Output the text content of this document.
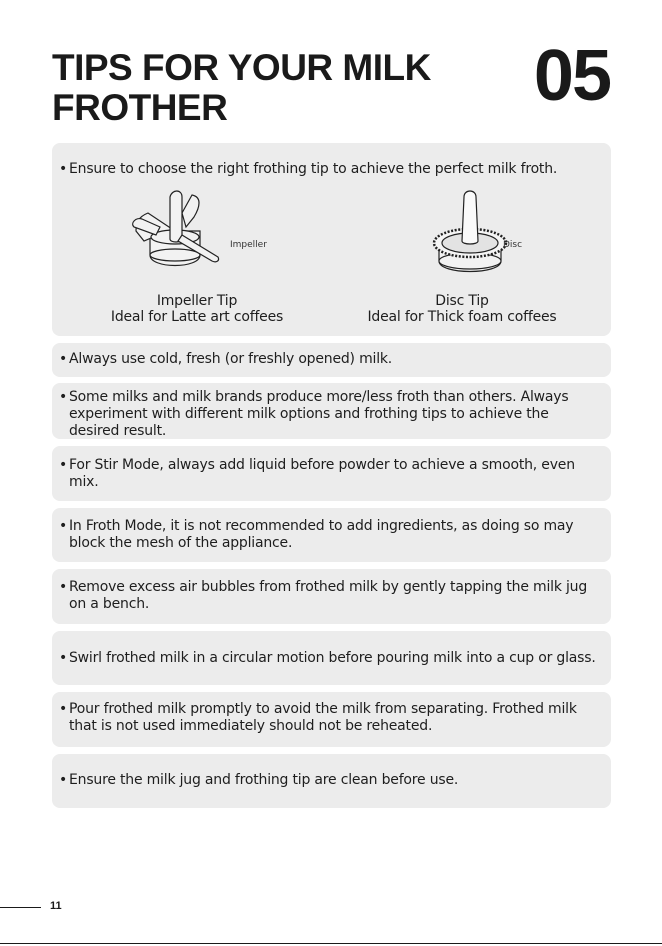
TIPS FOR YOUR MILK
FROTHER	05
• Ensure to choose the right frothing tip to achieve the perfect milk froth.
Impeller	Disc
Impeller Tip
Ideal for Latte art coffees
Disc Tip
Ideal for Thick foam coffees
• Always use cold, fresh (or freshly opened) milk.
• Some milks and milk brands produce more/less froth than others. Always experiment with different milk options and frothing tips to achieve the desired result.
• For Stir Mode, always add liquid before powder to achieve a smooth, even mix.
• In Froth Mode, it is not recommended to add ingredients, as doing so may block the mesh of the appliance.
• Remove excess air bubbles from frothed milk by gently tapping the milk jug on a bench.
• Swirl frothed milk in a circular motion before pouring milk into a cup or glass.
• Pour frothed milk promptly to avoid the milk from separating. Frothed milk that is not used immediately should not be reheated.
• Ensure the milk jug and frothing tip are clean before use.
11
